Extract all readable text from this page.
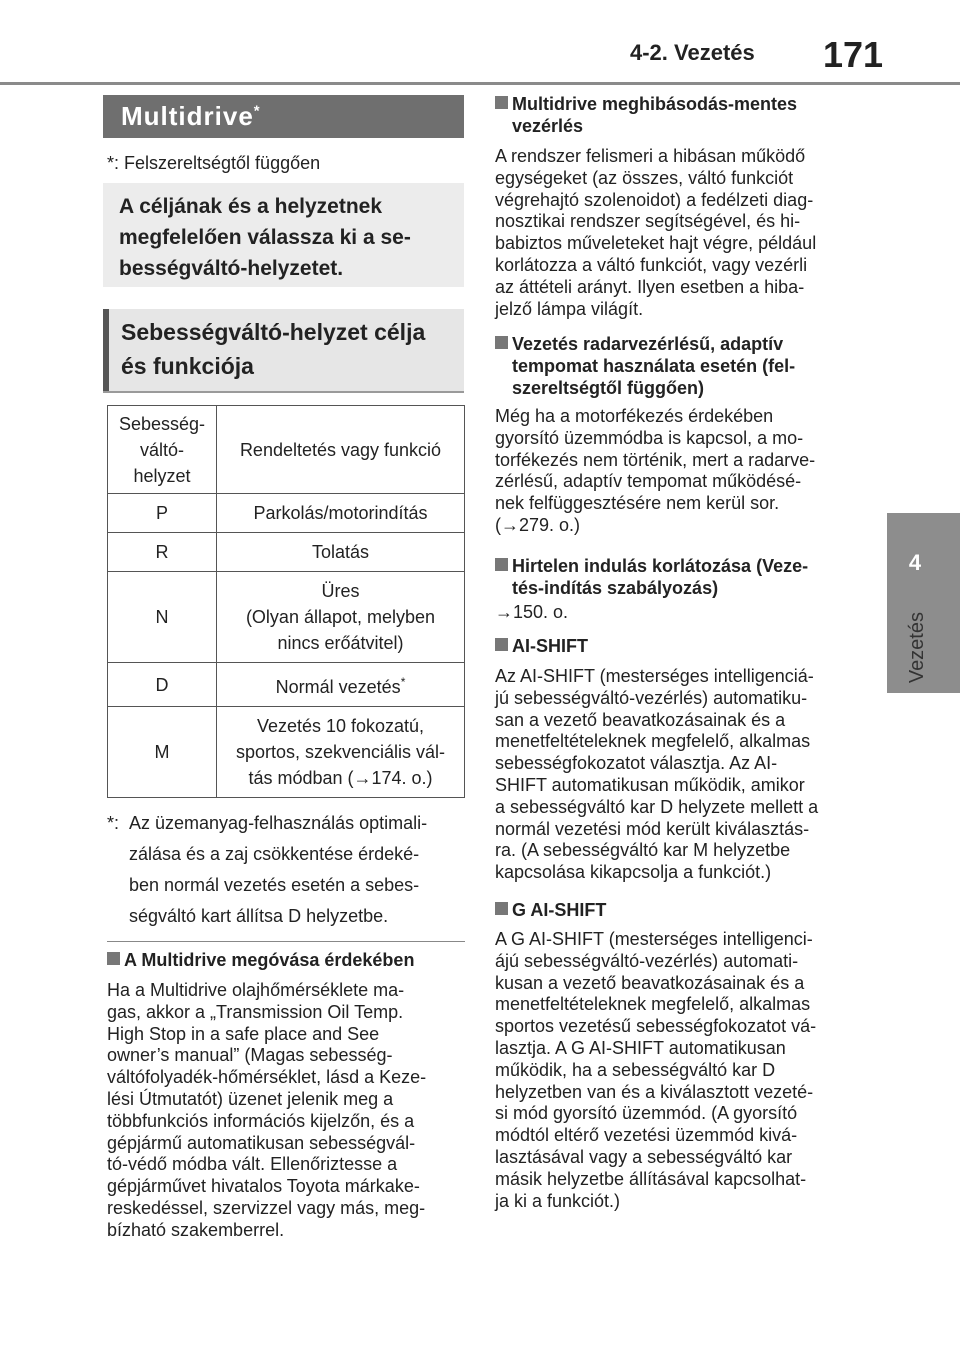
4-2. Vezetés 171
4
Vezetés
Multidrive*
*: Felszereltségtől függően
A céljának és a helyzetnek megfelelően válassza ki a se-bességváltó-helyzetet.
Sebességváltó-helyzet célja és funkciója
Sebesség-
váltó-
helyzet	Rendeltetés vagy funkció
P	Parkolás/motorindítás
R	Tolatás
N	Üres
(Olyan állapot, melyben
nincs erőátvitel)

D	Normál vezetés*
M	Vezetés 10 fokozatú,
sportos, szekvenciális vál-
tás módban (→174. o.)
*: Az üzemanyag-felhasználás optimali-
zálása és a zaj csökkentése érdeké-
ben normál vezetés esetén a sebes-
ségváltó kart állítsa D helyzetbe.
A Multidrive megóvása érdekében
Ha a Multidrive olajhőmérséklete ma-
gas, akkor a „Transmission Oil Temp.
High Stop in a safe place and See
owner’s manual” (Magas sebesség-
váltófolyadék-hőmérséklet, lásd a Keze-
lési Útmutatót) üzenet jelenik meg a
többfunkciós információs kijelzőn, és a
gépjármű automatikusan sebességvál-
tó-védő módba vált. Ellenőriztesse a
gépjárművet hivatalos Toyota márkake-
reskedéssel, szervizzel vagy más, meg-
bízható szakemberrel.
Multidrive meghibásodás-mentes
vezérlés
A rendszer felismeri a hibásan működő
egységeket (az összes, váltó funkciót
végrehajtó szolenoidot) a fedélzeti diag-
nosztikai rendszer segítségével, és hi-
babiztos műveleteket hajt végre, például
korlátozza a váltó funkciót, vagy vezérli
az áttételi arányt. Ilyen esetben a hiba-
jelző lámpa világít.
Vezetés radarvezérlésű, adaptív
tempomat használata esetén (fel-
szereltségtől függően)
Még ha a motorfékezés érdekében
gyorsító üzemmódba is kapcsol, a mo-
torfékezés nem történik, mert a radarve-
zérlésű, adaptív tempomat működésé-
nek felfüggesztésére nem kerül sor.
(→279. o.)
Hirtelen indulás korlátozása (Veze-
tés-indítás szabályozás)
→150. o.
AI-SHIFT
Az AI-SHIFT (mesterséges intelligenciá-
jú sebességváltó-vezérlés) automatiku-
san a vezető beavatkozásainak és a
menetfeltételeknek megfelelő, alkalmas
sebességfokozatot választja. Az AI-
SHIFT automatikusan működik, amikor
a sebességváltó kar D helyzete mellett a
normál vezetési mód került kiválasztás-
ra. (A sebességváltó kar M helyzetbe
kapcsolása kikapcsolja a funkciót.)
G AI-SHIFT
A G AI-SHIFT (mesterséges intelligenci-
ájú sebességváltó-vezérlés) automati-
kusan a vezető beavatkozásainak és a
menetfeltételeknek megfelelő, alkalmas
sportos vezetésű sebességfokozatot vá-
lasztja. A G AI-SHIFT automatikusan
működik, ha a sebességváltó kar D
helyzetben van és a kiválasztott vezeté-
si mód gyorsító üzemmód. (A gyorsító
módtól eltérő vezetési üzemmód kivá-
lasztásával vagy a sebességváltó kar
másik helyzetbe állításával kapcsolhat-
ja ki a funkciót.)
